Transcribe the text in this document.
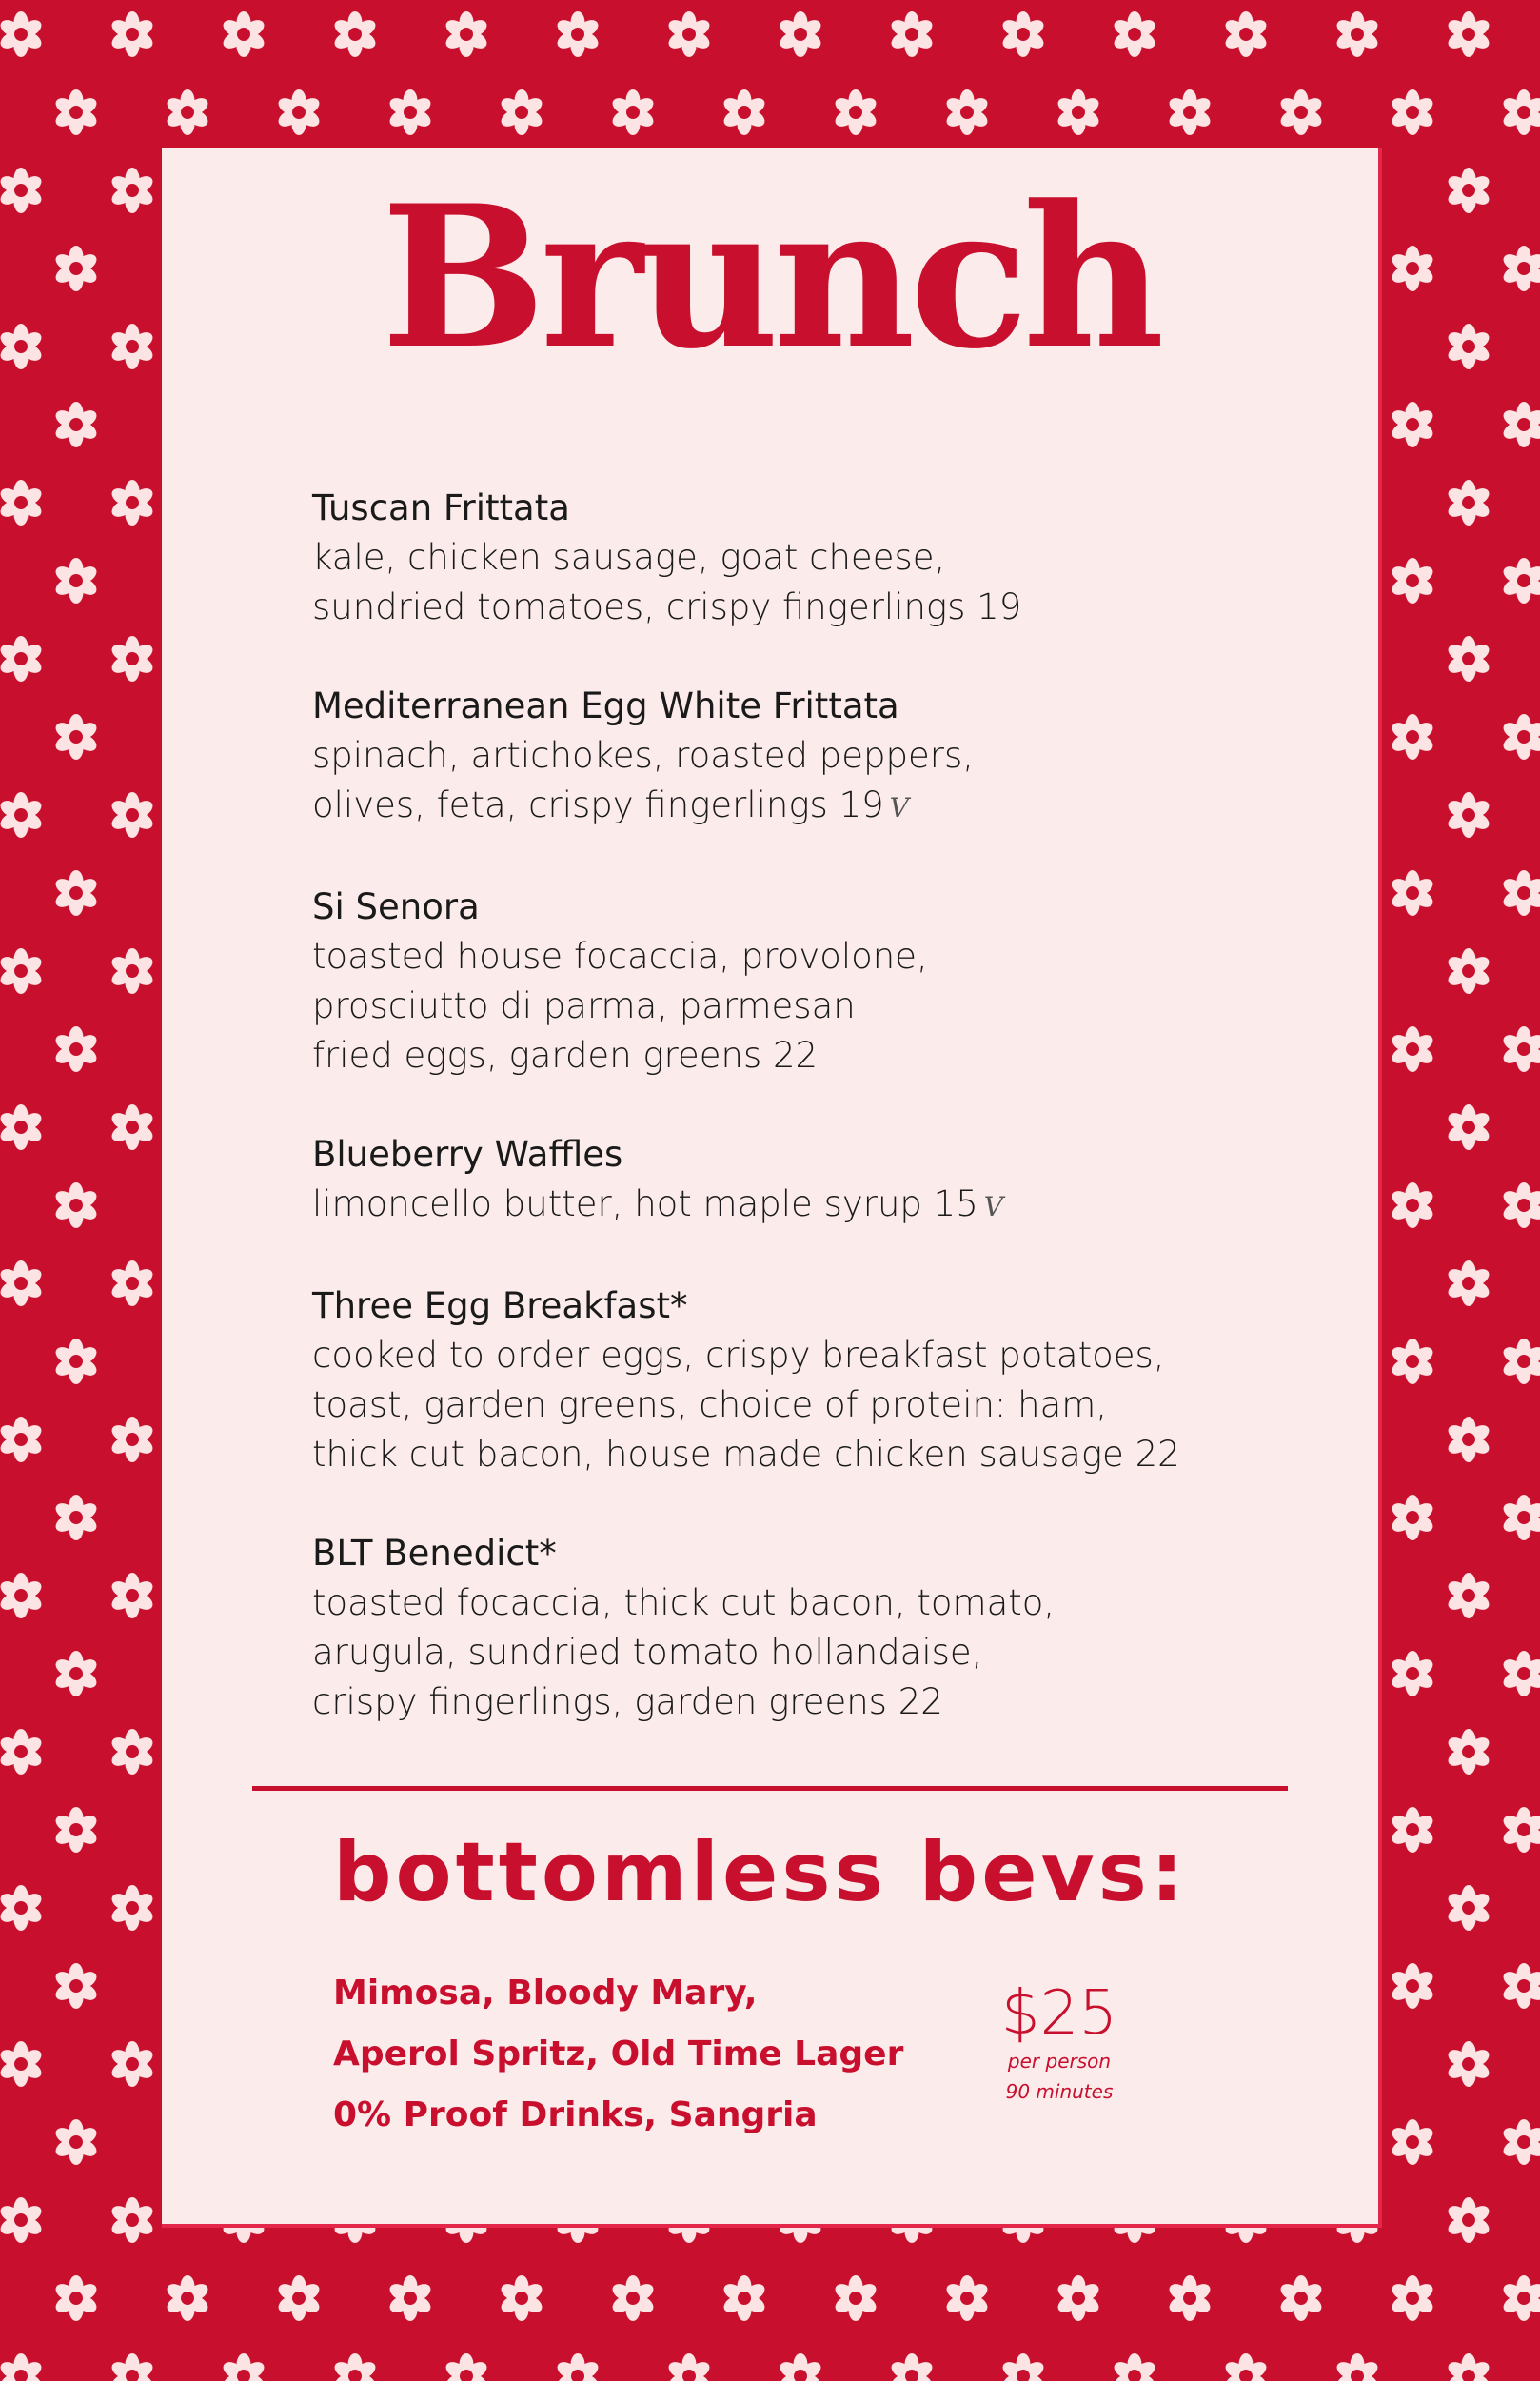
Brunch
Tuscan Frittata
kale, chicken sausage, goat cheese,
sundried tomatoes, crispy fingerlings 19
Mediterranean Egg White Frittata
spinach, artichokes, roasted peppers,
olives, feta, crispy fingerlings 19 V
Si Senora
toasted house focaccia, provolone,
prosciutto di parma, parmesan
fried eggs, garden greens 22
Blueberry Waffles
limoncello butter, hot maple syrup 15 V
Three Egg Breakfast*
cooked to order eggs, crispy breakfast potatoes,
toast, garden greens, choice of protein: ham,
thick cut bacon, house made chicken sausage 22
BLT Benedict*
toasted focaccia, thick cut bacon, tomato,
arugula, sundried tomato hollandaise,
crispy fingerlings, garden greens 22
bottomless bevs:
Mimosa, Bloody Mary,
Aperol Spritz, Old Time Lager
0% Proof Drinks, Sangria
$25
per person
90 minutes
